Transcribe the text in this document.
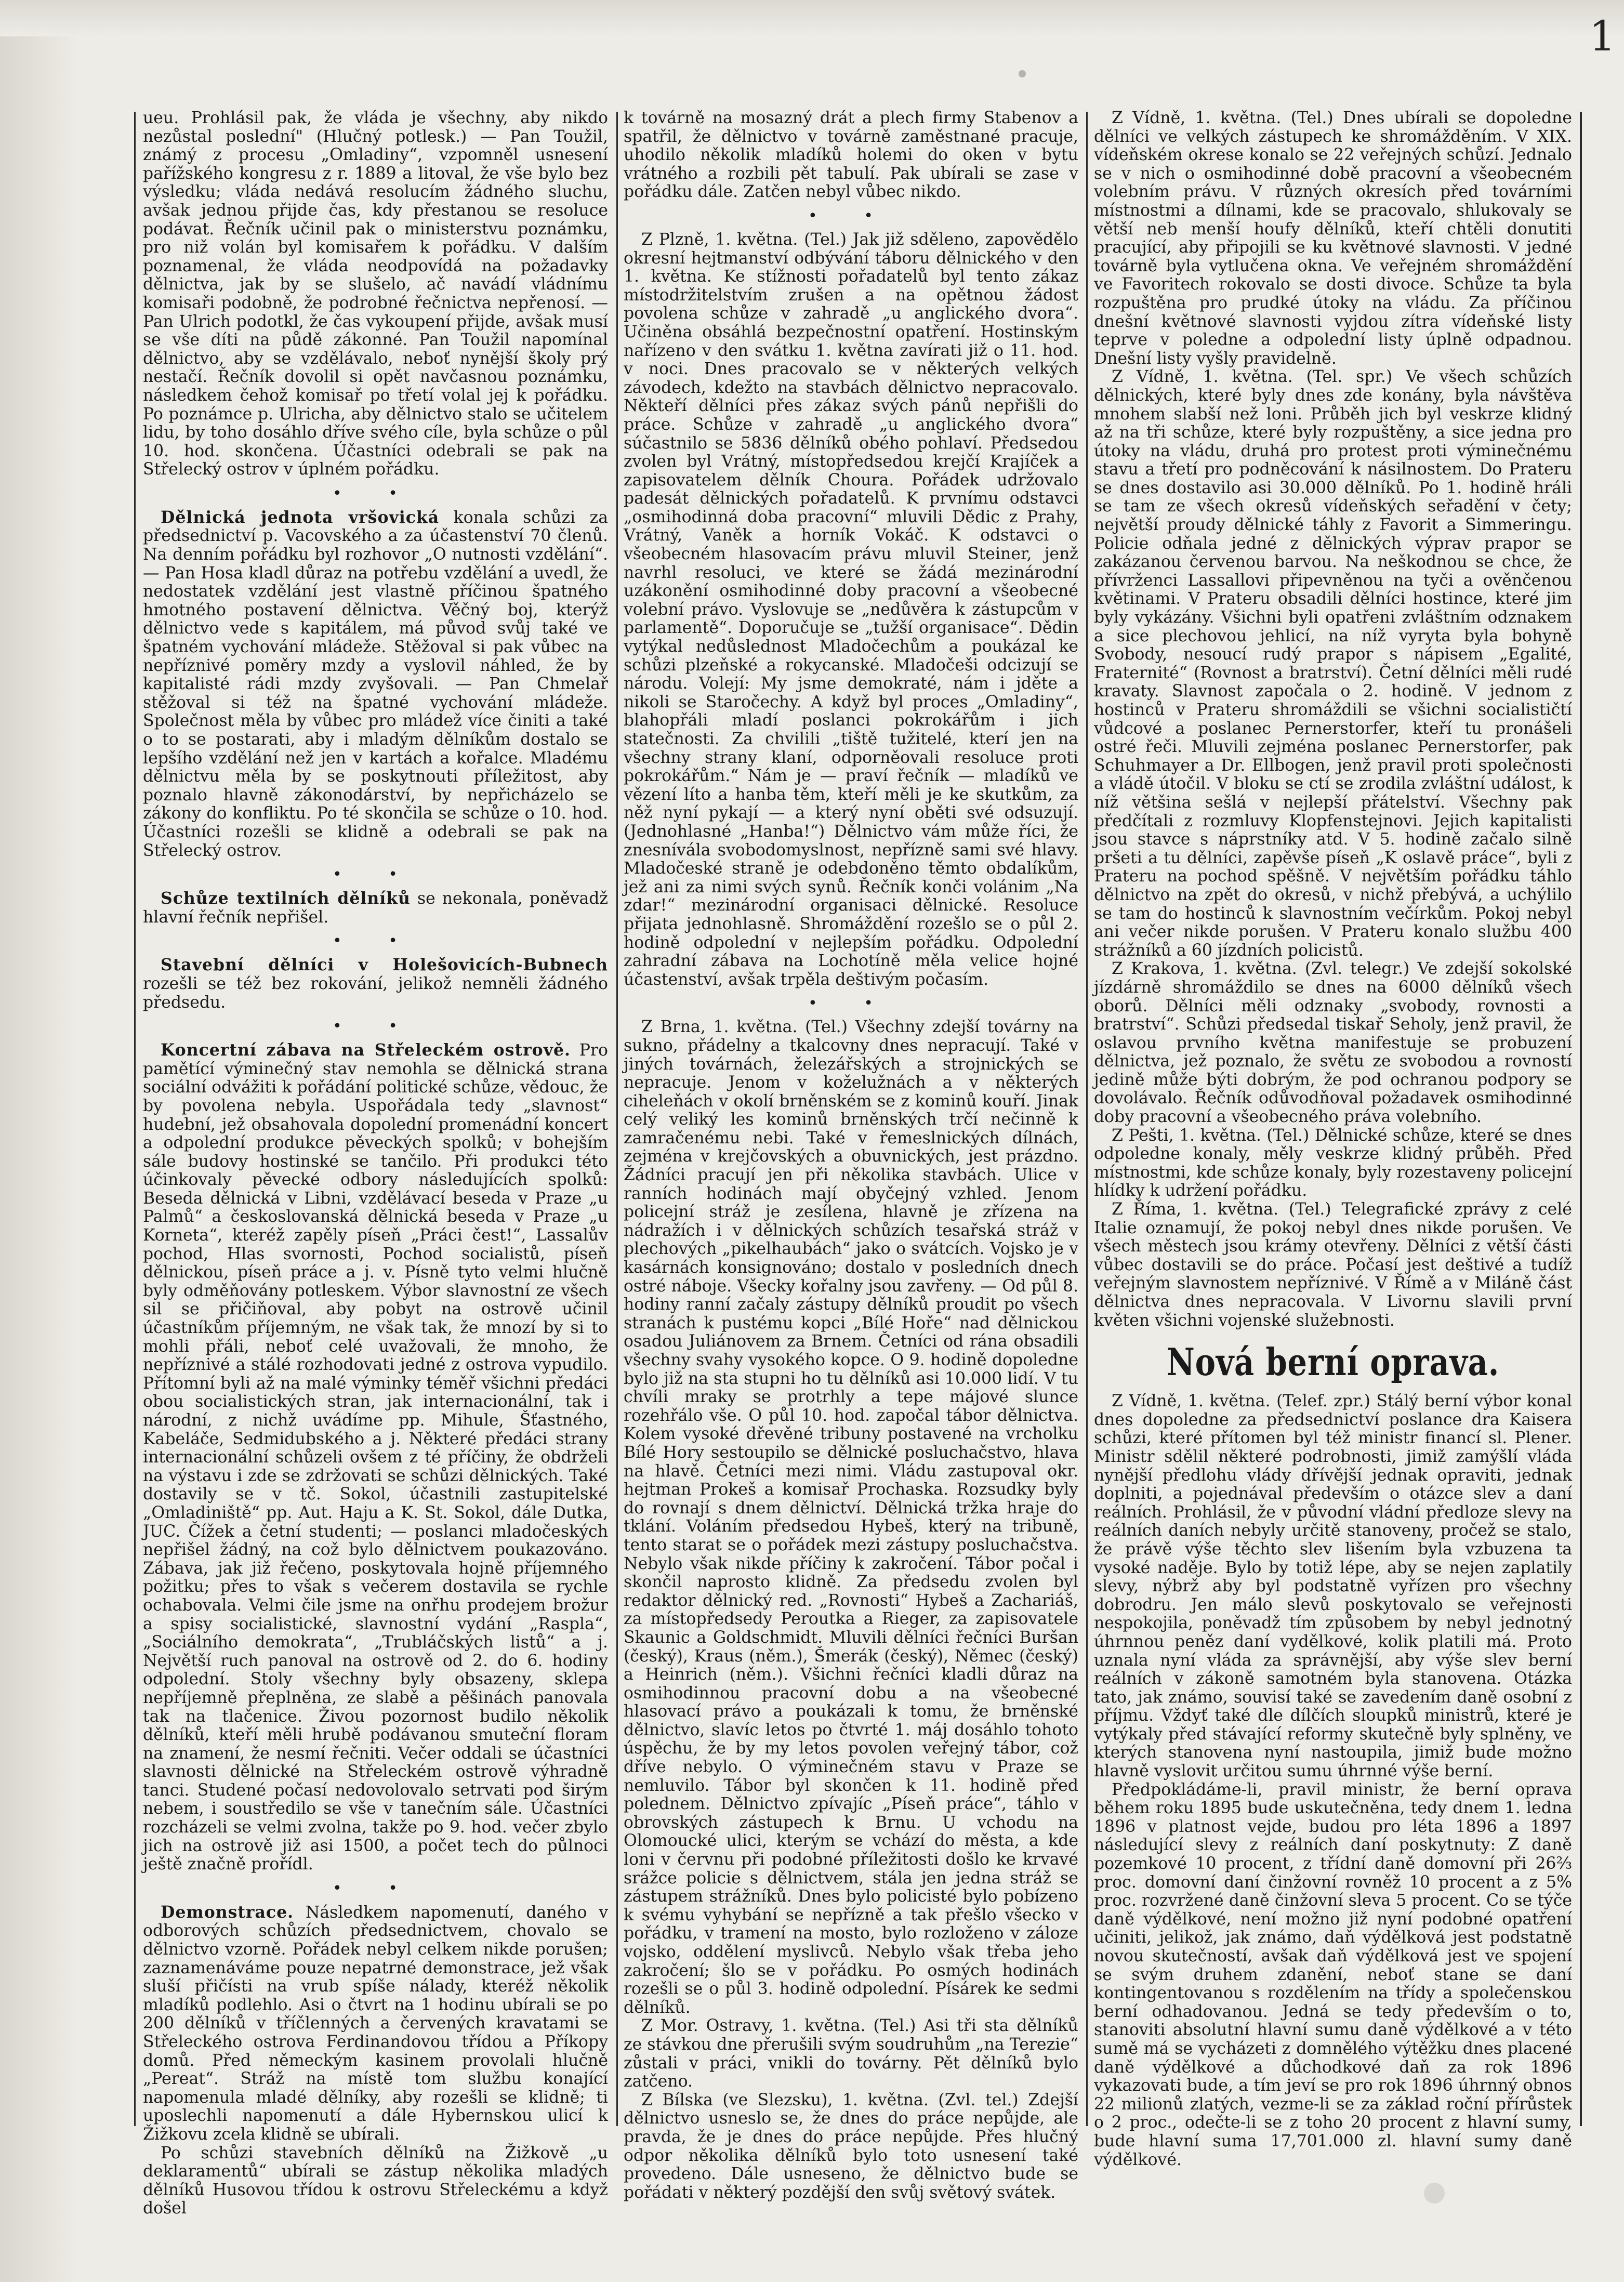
1

ueu. Prohlásil pak, že vláda je všechny, aby nikdo nezůstal poslední" (Hlučný potlesk.) — Pan Toužil, známý z procesu „Omladiny“, vzpomněl usnesení pařížského kongresu z r. 1889 a litoval, že vše bylo bez výsledku; vláda nedává resolucím žádného sluchu, avšak jednou přijde čas, kdy přestanou se resoluce podávat. Řečník učinil pak o ministerstvu poznámku, pro niž volán byl komisařem k pořádku. V dalším poznamenal, že vláda neodpovídá na požadavky dělnictva, jak by se slušelo, ač navádí vládnímu komisaři podobně, že podrobné řečnictva nepřenosí. — Pan Ulrich podotkl, že čas vykoupení přijde, avšak musí se vše díti na půdě zákonné. Pan Toužil napomínal dělnictvo, aby se vzdělávalo, neboť nynější školy prý nestačí. Řečník dovolil si opět navčasnou poznámku, následkem čehož komisař po třetí volal jej k pořádku. Po poznámce p. Ulricha, aby dělnictvo stalo se učitelem lidu, by toho dosáhlo dříve svého cíle, byla schůze o půl 10. hod. skončena. Účastníci odebrali se pak na Střelecký ostrov v úplném pořádku.

• •

Dělnická jednota vršovická konala schůzi za předsednictví p. Vacovského a za účastenství 70 členů. Na denním pořádku byl rozhovor „O nutnosti vzdělání“. — Pan Hosa kladl důraz na potřebu vzdělání a uvedl, že nedostatek vzdělání jest vlastně příčinou špatného hmotného postavení dělnictva. Věčný boj, kterýž dělnictvo vede s kapitálem, má původ svůj také ve špatném vychování mládeže. Stěžoval si pak vůbec na nepříznivé poměry mzdy a vyslovil náhled, že by kapitalisté rádi mzdy zvyšovali. — Pan Chmelař stěžoval si též na špatné vychování mládeže. Společnost měla by vůbec pro mládež více činiti a také o to se postarati, aby i mladým dělníkům dostalo se lepšího vzdělání než jen v kartách a kořalce. Mladému dělnictvu měla by se poskytnouti příležitost, aby poznalo hlavně zákonodárství, by nepřicházelo se zákony do konfliktu. Po té skončila se schůze o 10. hod. Účastníci rozešli se klidně a odebrali se pak na Střelecký ostrov.

• •

Schůze textilních dělníků se nekonala, poněvadž hlavní řečník nepřišel.

• •

Stavební dělníci v Holešovicích-Bubnech rozešli se též bez rokování, jelikož nemněli žádného předsedu.

• •

Koncertní zábava na Střeleckém ostrově. Pro pamětící výminečný stav nemohla se dělnická strana sociální odvážiti k pořádání politické schůze, vědouc, že by povolena nebyla. Uspořádala tedy „slavnost“ hudební, jež obsahovala dopolední promenádní koncert a odpolední produkce pěveckých spolků; v bohejším sále budovy hostinské se tančilo. Při produkci této účinkovaly pěvecké odbory následujících spolků: Beseda dělnická v Libni, vzdělávací beseda v Praze „u Palmů“ a českoslovanská dělnická beseda v Praze „u Korneta“, kteréž zapěly píseň „Práci čest!“, Lassalův pochod, Hlas svornosti, Pochod socialistů, píseň dělnickou, píseň práce a j. v. Písně tyto velmi hlučně byly odměňovány potleskem. Výbor slavnostní ze všech sil se přičiňoval, aby pobyt na ostrově učinil účastníkům příjemným, ne však tak, že mnozí by si to mohli přáli, neboť celé uvažovali, že mnoho, že nepříznivé a stálé rozhodovati jedné z ostrova vypudilo. Přítomní byli až na malé výminky téměř všichni předáci obou socialistických stran, jak internacionální, tak i národní, z nichž uvádíme pp. Mihule, Šťastného, Kabeláče, Sedmidubského a j. Některé předáci strany internacionální schůzeli ovšem z té příčiny, že obdrželi na výstavu i zde se zdržovati se schůzi dělnických. Také dostavily se v tč. Sokol, účastnili zastupitelské „Omladiniště“ pp. Aut. Haju a K. St. Sokol, dále Dutka, JUC. Čížek a četní studenti; — poslanci mladočeských nepřišel žádný, na což bylo dělnictvem poukazováno. Zábava, jak již řečeno, poskytovala hojně příjemného požitku; přes to však s večerem dostavila se rychle ochabovala. Velmi čile jsme na onřhu prodejem brožur a spisy socialistické, slavnostní vydání „Raspla“, „Sociálního demokrata“, „Trubláčských listů“ a j. Největší ruch panoval na ostrově od 2. do 6. hodiny odpolední. Stoly všechny byly obsazeny, sklepa nepříjemně přeplněna, ze slabě a pěšinách panovala tak na tlačenice. Živou pozornost budilo několik dělníků, kteří měli hrubě podávanou smuteční floram na znamení, že nesmí řečniti. Večer oddali se účastníci slavnosti dělnické na Střeleckém ostrově výhradně tanci. Studené počasí nedovolovalo setrvati pod širým nebem, i soustředilo se vše v tanečním sále. Účastníci rozcházeli se velmi zvolna, takže po 9. hod. večer zbylo jich na ostrově již asi 1500, a počet tech do půlnoci ještě značně prořídl.

• •

Demonstrace. Následkem napomenutí, daného v odborových schůzích předsednictvem, chovalo se dělnictvo vzorně. Pořádek nebyl celkem nikde porušen; zaznamenáváme pouze nepatrné demonstrace, jež však sluší přičísti na vrub spíše nálady, kteréž několik mladíků podlehlo. Asi o čtvrt na 1 hodinu ubírali se po 200 dělníků v tříčlenných a červených kravatami se Střeleckého ostrova Ferdinandovou třídou a Příkopy domů. Před německým kasinem provolali hlučně „Pereat“. Stráž na místě tom službu konající napomenula mladé dělníky, aby rozešli se klidně; ti uposlechli napomenutí a dále Hybernskou ulicí k Žižkovu zcela klidně se ubírali.

Po schůzi stavebních dělníků na Žižkově „u deklaramentů“ ubírali se zástup několika mladých dělníků Husovou třídou k ostrovu Střeleckému a když došel

k továrně na mosazný drát a plech firmy Stabenov a spatřil, že dělnictvo v továrně zaměstnané pracuje, uhodilo několik mladíků holemi do oken v bytu vrátného a rozbili pět tabulí. Pak ubírali se zase v pořádku dále. Zatčen nebyl vůbec nikdo.

• •

Z Plzně, 1. května. (Tel.) Jak již sděleno, zapovědělo okresní hejtmanství odbývání táboru dělnického v den 1. května. Ke stížnosti pořadatelů byl tento zákaz místodržitelstvím zrušen a na opětnou žádost povolena schůze v zahradě „u anglického dvora“. Učiněna obsáhlá bezpečnostní opatření. Hostinským nařízeno v den svátku 1. května zavírati již o 11. hod. v noci. Dnes pracovalo se v některých velkých závodech, kdežto na stavbách dělnictvo nepracovalo. Někteří dělníci přes zákaz svých pánů nepřišli do práce. Schůze v zahradě „u anglického dvora“ súčastnilo se 5836 dělníků obého pohlaví. Předsedou zvolen byl Vrátný, místopředsedou krejčí Krajíček a zapisovatelem dělník Choura. Pořádek udržovalo padesát dělnických pořadatelů. K prvnímu odstavci „osmihodinná doba pracovní“ mluvili Dědic z Prahy, Vrátný, Vaněk a horník Vokáč. K odstavci o všeobecném hlasovacím právu mluvil Steiner, jenž navrhl resoluci, ve které se žádá mezinárodní uzákonění osmihodinné doby pracovní a všeobecné volební právo. Vyslovuje se „nedůvěra k zástupcům v parlamentě“. Doporučuje se „tužší organisace“. Dědin vytýkal nedůslednost Mladočechům a poukázal ke schůzi plzeňské a rokycanské. Mladočeši odcizují se národu. Volejí: My jsme demokraté, nám i jděte a nikoli se Staročechy. A když byl proces „Omladiny“, blahopřáli mladí poslanci pokrokářům i jich statečnosti. Za chvilili „tiště tužitelé, kterí jen na všechny strany klaní, odporněovali resoluce proti pokrokářům.“ Nám je — praví řečník — mladíků ve vězení líto a hanba těm, kteří měli je ke skutkům, za něž nyní pykají — a který nyní oběti své odsuzují. (Jednohlasné „Hanba!“) Dělnictvo vám může říci, že znesnívála svobodomyslnost, nepřízně sami své hlavy. Mladočeské straně je odebdoněno těmto obdalíkům, jež ani za nimi svých synů. Řečník konči volánim „Na zdar!“ mezinárodní organisaci dělnické. Resoluce přijata jednohlasně. Shromáždění rozešlo se o půl 2. hodině odpolední v nejlepším pořádku. Odpolední zahradní zábava na Lochotíně měla velice hojné účastenství, avšak trpěla deštivým počasím.

• •

Z Brna, 1. května. (Tel.) Všechny zdejší továrny na sukno, přádelny a tkalcovny dnes nepracují. Také v jiných továrnách, železářských a strojnických se nepracuje. Jenom v koželužnách a v některých ciheleňách v okolí brněnském se z kominů kouří. Jinak celý veliký les kominů brněnských trčí nečinně k zamračenému nebi. Také v řemeslnických dílnách, zejména v krejčovských a obuvnických, jest prázdno. Žádníci pracují jen při několika stavbách. Ulice v ranních hodinách mají obyčejný vzhled. Jenom policejní stráž je zesílena, hlavně je zřízena na nádražích i v dělnických schůzích tesařská stráž v plechových „pikelhaubách“ jako o svátcích. Vojsko je v kasárnách konsignováno; dostalo v posledních dnech ostré náboje. Všecky kořalny jsou zavřeny. — Od půl 8. hodiny ranní začaly zástupy dělníků proudit po všech stranách k pustému kopci „Bílé Hoře“ nad dělnickou osadou Juliánovem za Brnem. Četníci od rána obsadili všechny svahy vysokého kopce. O 9. hodině dopoledne bylo již na sta stupni ho tu dělníků asi 10.000 lidí. V tu chvíli mraky se protrhly a tepe májové slunce rozehřálo vše. O půl 10. hod. započal tábor dělnictva. Kolem vysoké dřevěné tribuny postavené na vrcholku Bílé Hory sestoupilo se dělnické posluchačstvo, hlava na hlavě. Četníci mezi nimi. Vládu zastupoval okr. hejtman Prokeš a komisař Prochaska. Rozsudky byly do rovnají s dnem dělnictví. Dělnická tržka hraje do tklání. Voláním předsedou Hybeš, který na tribuně, tento starat se o pořádek mezi zástupy posluchačstva. Nebylo však nikde příčiny k zakročení. Tábor počal i skončil naprosto klidně. Za předsedu zvolen byl redaktor dělnický red. „Rovnosti“ Hybeš a Zachariáš, za místopředsedy Peroutka a Rieger, za zapisovatele Skaunic a Goldschmidt. Mluvili dělníci řečníci Buršan (český), Kraus (něm.), Šmerák (český), Němec (český) a Heinrich (něm.). Všichni řečníci kladli důraz na osmihodinnou pracovní dobu a na všeobecné hlasovací právo a poukázali k tomu, že brněnské dělnictvo, slavíc letos po čtvrté 1. máj dosáhlo tohoto úspěchu, že by my letos povolen veřejný tábor, což dříve nebylo. O výminečném stavu v Praze se nemluvilo. Tábor byl skončen k 11. hodině před polednem. Dělnictvo zpívajíc „Píseň práce“, táhlo v obrovských zástupech k Brnu. U vchodu na Olomoucké ulici, kterým se vchází do města, a kde loni v červnu při podobné příležitosti došlo ke krvavé srážce policie s dělnictvem, stála jen jedna stráž se zástupem strážníků. Dnes bylo policisté bylo pobízeno k svému vyhybání se nepřízně a tak přešlo všecko v pořádku, v tramení na mosto, bylo rozloženo v záloze vojsko, oddělení myslivců. Nebylo však třeba jeho zakročení; šlo se v pořádku. Po osmých hodinách rozešli se o půl 3. hodině odpolední. Písárek ke sedmi dělníků.

Z Mor. Ostravy, 1. května. (Tel.) Asi tři sta dělníků ze stávkou dne přerušili svým soudruhům „na Terezie“ zůstali v práci, vnikli do továrny. Pět dělníků bylo zatčeno.

Z Bílska (ve Slezsku), 1. května. (Zvl. tel.) Zdejší dělnictvo usneslo se, že dnes do práce nepůjde, ale pravda, že je dnes do práce nepůjde. Přes hlučný odpor několika dělníků bylo toto usnesení také provedeno. Dále usneseno, že dělnictvo bude se pořádati v některý pozdější den svůj světový svátek.

Z Vídně, 1. května. (Tel.) Dnes ubírali se dopoledne dělníci ve velkých zástupech ke shromážděním. V XIX. vídeňském okrese konalo se 22 veřejných schůzí. Jednalo se v nich o osmihodinné době pracovní a všeobecném volebním právu. V různých okresích před továrními místnostmi a dílnami, kde se pracovalo, shlukovaly se větší neb menší houfy dělníků, kteří chtěli donutiti pracující, aby připojili se ku květnové slavnosti. V jedné továrně byla vytlučena okna. Ve veřejném shromáždění ve Favoritech rokovalo se dosti divoce. Schůze ta byla rozpuštěna pro prudké útoky na vládu. Za příčinou dnešní květnové slavnosti vyjdou zítra vídeňské listy teprve v poledne a odpolední listy úplně odpadnou. Dnešní listy vyšly pravidelně.

Z Vídně, 1. května. (Tel. spr.) Ve všech schůzích dělnických, které byly dnes zde konány, byla návštěva mnohem slabší než loni. Průběh jich byl veskrze klidný až na tři schůze, které byly rozpuštěny, a sice jedna pro útoky na vládu, druhá pro protest proti výminečnému stavu a třetí pro podněcování k násilnostem. Do Prateru se dnes dostavilo asi 30.000 dělníků. Po 1. hodině hráli se tam ze všech okresů vídeňských seřadění v čety; největší proudy dělnické táhly z Favorit a Simmeringu. Policie odňala jedné z dělnických výprav prapor se zakázanou červenou barvou. Na neškodnou se chce, že přívrženci Lassallovi připevněnou na tyči a ověnčenou květinami. V Prateru obsadili dělníci hostince, které jim byly vykázány. Všichni byli opatřeni zvláštním odznakem a sice plechovou jehlicí, na níž vyryta byla bohyně Svobody, nesoucí rudý prapor s nápisem „Egalité, Fraternité“ (Rovnost a bratrství). Četní dělníci měli rudé kravaty. Slavnost započala o 2. hodině. V jednom z hostinců v Prateru shromáždili se všichni socialističtí vůdcové a poslanec Pernerstorfer, kteří tu pronášeli ostré řeči. Mluvili zejména poslanec Pernerstorfer, pak Schuhmayer a Dr. Ellbogen, jenž pravil proti společnosti a vládě útočil. V bloku se ctí se zrodila zvláštní událost, k níž většina sešlá v nejlepší přátelství. Všechny pak předčítali z rozmluvy Klopfenstejnovi. Jejich kapitalisti jsou stavce s náprstníky atd. V 5. hodině začalo silně pršeti a tu dělníci, zapěvše píseň „K oslavě práce“, byli z Prateru na pochod spěšně. V největším pořádku táhlo dělnictvo na zpět do okresů, v nichž přebývá, a uchýlilo se tam do hostinců k slavnostním večírkům. Pokoj nebyl ani večer nikde porušen. V Prateru konalo službu 400 strážníků a 60 jízdních policistů.

Z Krakova, 1. května. (Zvl. telegr.) Ve zdejší sokolské jízdárně shromáždilo se dnes na 6000 dělníků všech oborů. Dělníci měli odznaky „svobody, rovnosti a bratrství“. Schůzi předsedal tiskař Seholy, jenž pravil, že oslavou prvního května manifestuje se probuzení dělnictva, jež poznalo, že světu ze svobodou a rovností jedině může býti dobrým, že pod ochranou podpory se dovolávalo. Řečník odůvodňoval požadavek osmihodinné doby pracovní a všeobecného práva volebního.

Z Pešti, 1. května. (Tel.) Dělnické schůze, které se dnes odpoledne konaly, měly veskrze klidný průběh. Před místnostmi, kde schůze konaly, byly rozestaveny policejní hlídky k udržení pořádku.

Z Říma, 1. května. (Tel.) Telegrafické zprávy z celé Italie oznamují, že pokoj nebyl dnes nikde porušen. Ve všech městech jsou krámy otevřeny. Dělníci z větší části vůbec dostavili se do práce. Počasí jest deštivé a tudíž veřejným slavnostem nepříznivé. V Římě a v Miláně část dělnictva dnes nepracovala. V Livornu slavili první květen všichni vojenské služebnosti.

Nová berní oprava.

Z Vídně, 1. května. (Telef. zpr.) Stálý berní výbor konal dnes dopoledne za předsednictví poslance dra Kaisera schůzi, které přítomen byl též ministr financí sl. Plener. Ministr sdělil některé podrobnosti, jimiž zamýšlí vláda nynější předlohu vlády dřívější jednak opraviti, jednak doplniti, a pojednával především o otázce slev a daní reálních. Prohlásil, že v původní vládní předloze slevy na reálních daních nebyly určitě stanoveny, pročež se stalo, že právě výše těchto slev lišením byla vzbuzena ta vysoké naděje. Bylo by totiž lépe, aby se nejen zaplatily slevy, nýbrž aby byl podstatně vyřízen pro všechny dobrodru. Jen málo slevů poskytovalo se veřejnosti nespokojila, poněvadž tím způsobem by nebyl jednotný úhrnnou peněz daní vydělkové, kolik platili má. Proto uznala nyní vláda za správnější, aby výše slev berní reálních v zákoně samotném byla stanovena. Otázka tato, jak známo, souvisí také se zavedením daně osobní z příjmu. Vždyť také dle dílčích sloupků ministrů, které je vytýkaly před stávající reformy skutečně byly splněny, ve kterých stanovena nyní nastoupila, jimiž bude možno hlavně vyslovit určitou sumu úhrnné výše berní.

Předpokládáme-li, pravil ministr, že berní oprava během roku 1895 bude uskutečněna, tedy dnem 1. ledna 1896 v platnost vejde, budou pro léta 1896 a 1897 následující slevy z reálních daní poskytnuty: Z daně pozemkové 10 procent, z třídní daně domovní při 26⅔ proc. domovní daní činžovní rovněž 10 procent a z 5% proc. rozvržené daně činžovní sleva 5 procent. Co se týče daně výdělkové, není možno již nyní podobné opatření učiniti, jelikož, jak známo, daň výdělková jest podstatně novou skutečností, avšak daň výdělková jest ve spojení se svým druhem zdanění, neboť stane se daní kontingentovanou s rozdělením na třídy a společenskou berní odhadovanou. Jedná se tedy především o to, stanoviti absolutní hlavní sumu daně výdělkové a v této sumě má se vycházeti z domnělého výtěžku dnes placené daně výdělkové a důchodkové daň za rok 1896 vykazovati bude, a tím jeví se pro rok 1896 úhrnný obnos 22 milionů zlatých, vezme-li se za základ roční přírůstek o 2 proc., odečte-li se z toho 20 procent z hlavní sumy, bude hlavní suma 17,701.000 zl. hlavní sumy daně výdělkové.
